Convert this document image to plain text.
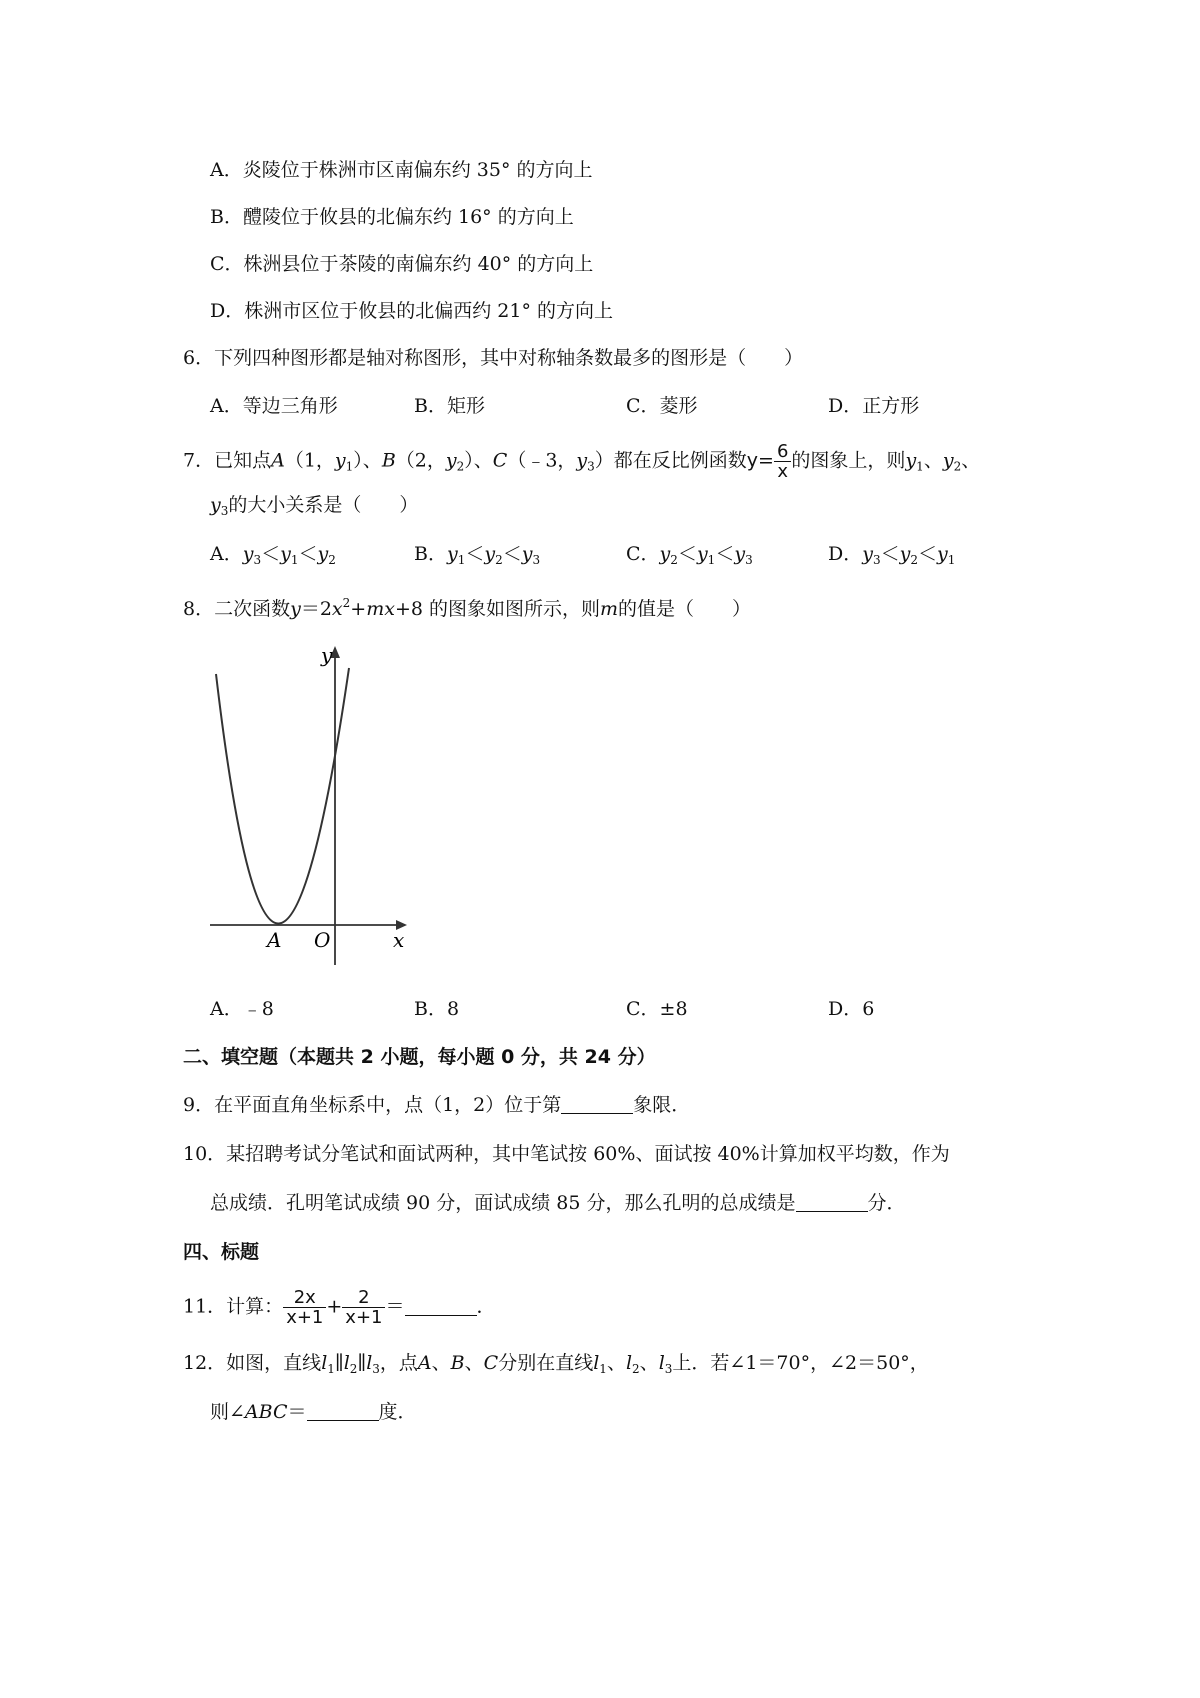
A．炎陵位于株洲市区南偏东约 35° 的方向上
B．醴陵位于攸县的北偏东约 16° 的方向上
C．株洲县位于茶陵的南偏东约 40° 的方向上
D．株洲市区位于攸县的北偏西约 21° 的方向上
6．下列四种图形都是轴对称图形，其中对称轴条数最多的图形是（　　）
A．等边三角形	B．矩形	C．菱形	D．正方形
7．已知点A（1，$y_1$）、B（2，$y_2$）、C（﹣3，$y_3$）都在反比例函数$y= \frac{6}{x}$ 的图象上，则$y_1$、$y_2$、
$y_3$的大小关系是（　　）
A．$y_3<y_1<y_2$	B．$y_1<y_2<y_3$	C．$y_2<y_1<y_3$	D．$y_3<y_2<y_1$
8．二次函数$y=2x^2+mx+8$ 的图象如图所示，则m的值是（　　）
y
x
A O
A．﹣8	B．8	C．±8	D．6
二、填空题（本题共 2 小题，每小题 0 分，共 24 分）
9．在平面直角坐标系中，点（1，2）位于第	象限．
10．某招聘考试分笔试和面试两种，其中笔试按 60%、面试按 40%计算加权平均数，作为
总成绩．孔明笔试成绩 90 分，面试成绩 85 分，那么孔明的总成绩是	分．
四、标题
11．计算： $\frac{2x}{x+1} + \frac{2}{x+1}$ ＝	．
12．如图，直线$l_1\parallel l_2\parallel l_3$，点A、B、C分别在直线$l_1$、$l_2$、$l_3$上．若∠1＝70°，∠2＝50°，
则∠ABC＝	度．
